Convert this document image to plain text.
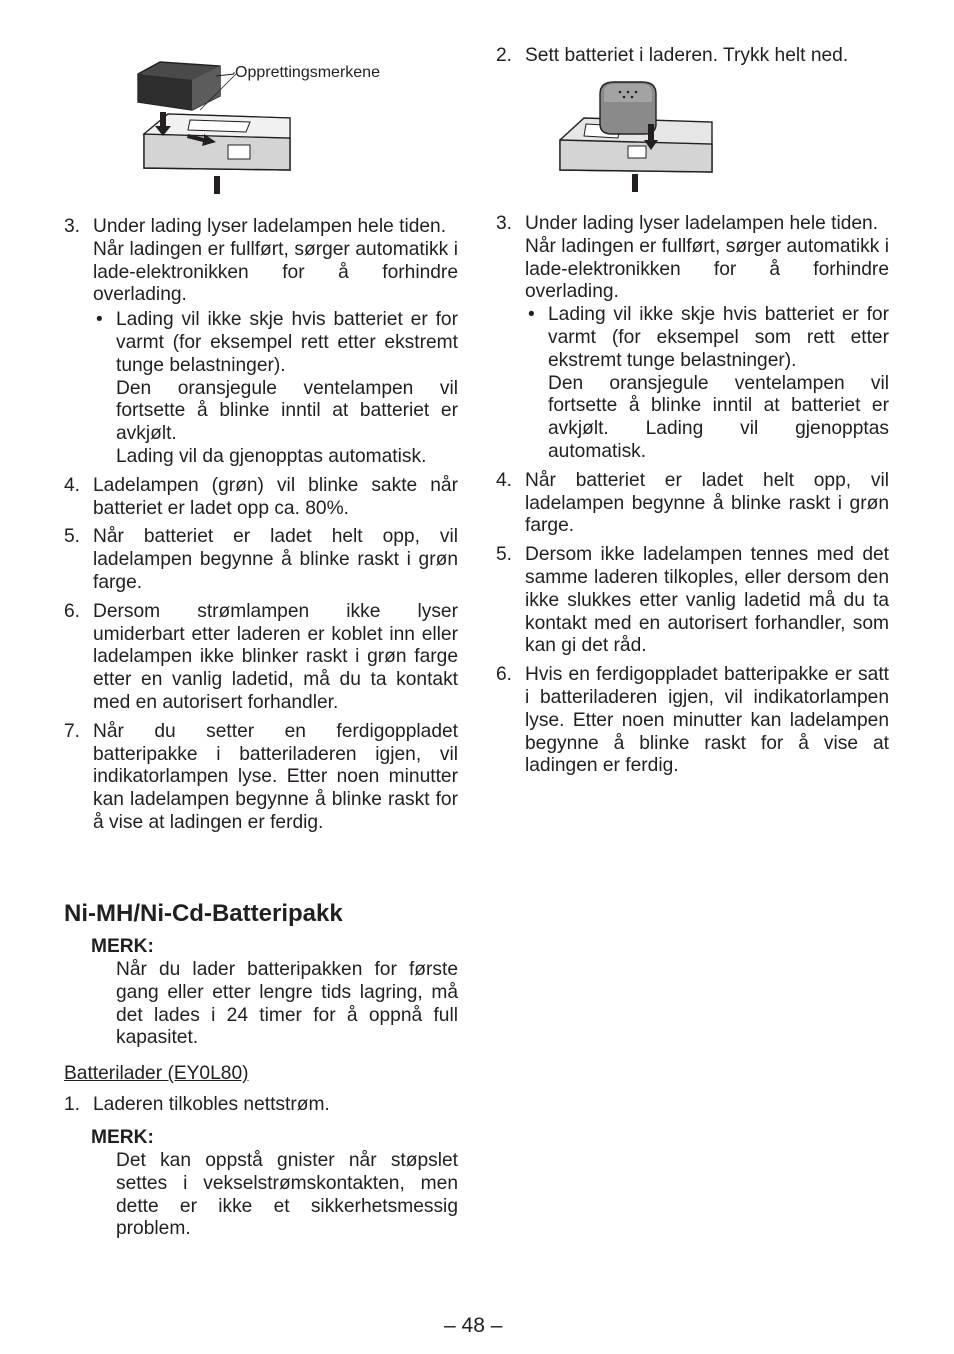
Opprettingsmerkene
2. Sett batteriet i laderen. Trykk helt ned.
3. Under lading lyser ladelampen hele tiden.
Når ladingen er fullført, sørger automatikk i lade-elektronikken for å forhindre overlading.
• Lading vil ikke skje hvis batteriet er for varmt (for eksempel rett etter ekstremt tunge belastninger).
Den oransjegule ventelampen vil fortsette å blinke inntil at batteriet er avkjølt.
Lading vil da gjenopptas automatisk.
4. Ladelampen (grøn) vil blinke sakte når batteriet er ladet opp ca. 80%.
5. Når batteriet er ladet helt opp, vil ladelampen begynne å blinke raskt i grøn farge.
6. Dersom strømlampen ikke lyser umiderbart etter laderen er koblet inn eller ladelampen ikke blinker raskt i grøn farge etter en vanlig ladetid, må du ta kontakt med en autorisert forhandler.
7. Når du setter en ferdigoppladet batteripakke i batteriladeren igjen, vil indikatorlampen lyse. Etter noen minutter kan ladelampen begynne å blinke raskt for å vise at ladingen er ferdig.
3. Under lading lyser ladelampen hele tiden.
Når ladingen er fullført, sørger automatikk i lade-elektronikken for å forhindre overlading.
• Lading vil ikke skje hvis batteriet er for varmt (for eksempel som rett etter ekstremt tunge belastninger).
Den oransjegule ventelampen vil fortsette å blinke inntil at batteriet er avkjølt. Lading vil gjenopptas automatisk.
4. Når batteriet er ladet helt opp, vil ladelampen begynne å blinke raskt i grøn farge.
5. Dersom ikke ladelampen tennes med det samme laderen tilkoples, eller dersom den ikke slukkes etter vanlig ladetid må du ta kontakt med en autorisert forhandler, som kan gi det råd.
6. Hvis en ferdigoppladet batteripakke er satt i batteriladeren igjen, vil indikatorlampen lyse. Etter noen minutter kan ladelampen begynne å blinke raskt for å vise at ladingen er ferdig.
Ni-MH/Ni-Cd-Batteripakk
MERK:
Når du lader batteripakken for første gang eller etter lengre tids lagring, må det lades i 24 timer for å oppnå full kapasitet.
Batterilader (EY0L80)
1. Laderen tilkobles nettstrøm.
MERK:
Det kan oppstå gnister når støpslet settes i vekselstrømskontakten, men dette er ikke et sikkerhetsmessig problem.
– 48 –
